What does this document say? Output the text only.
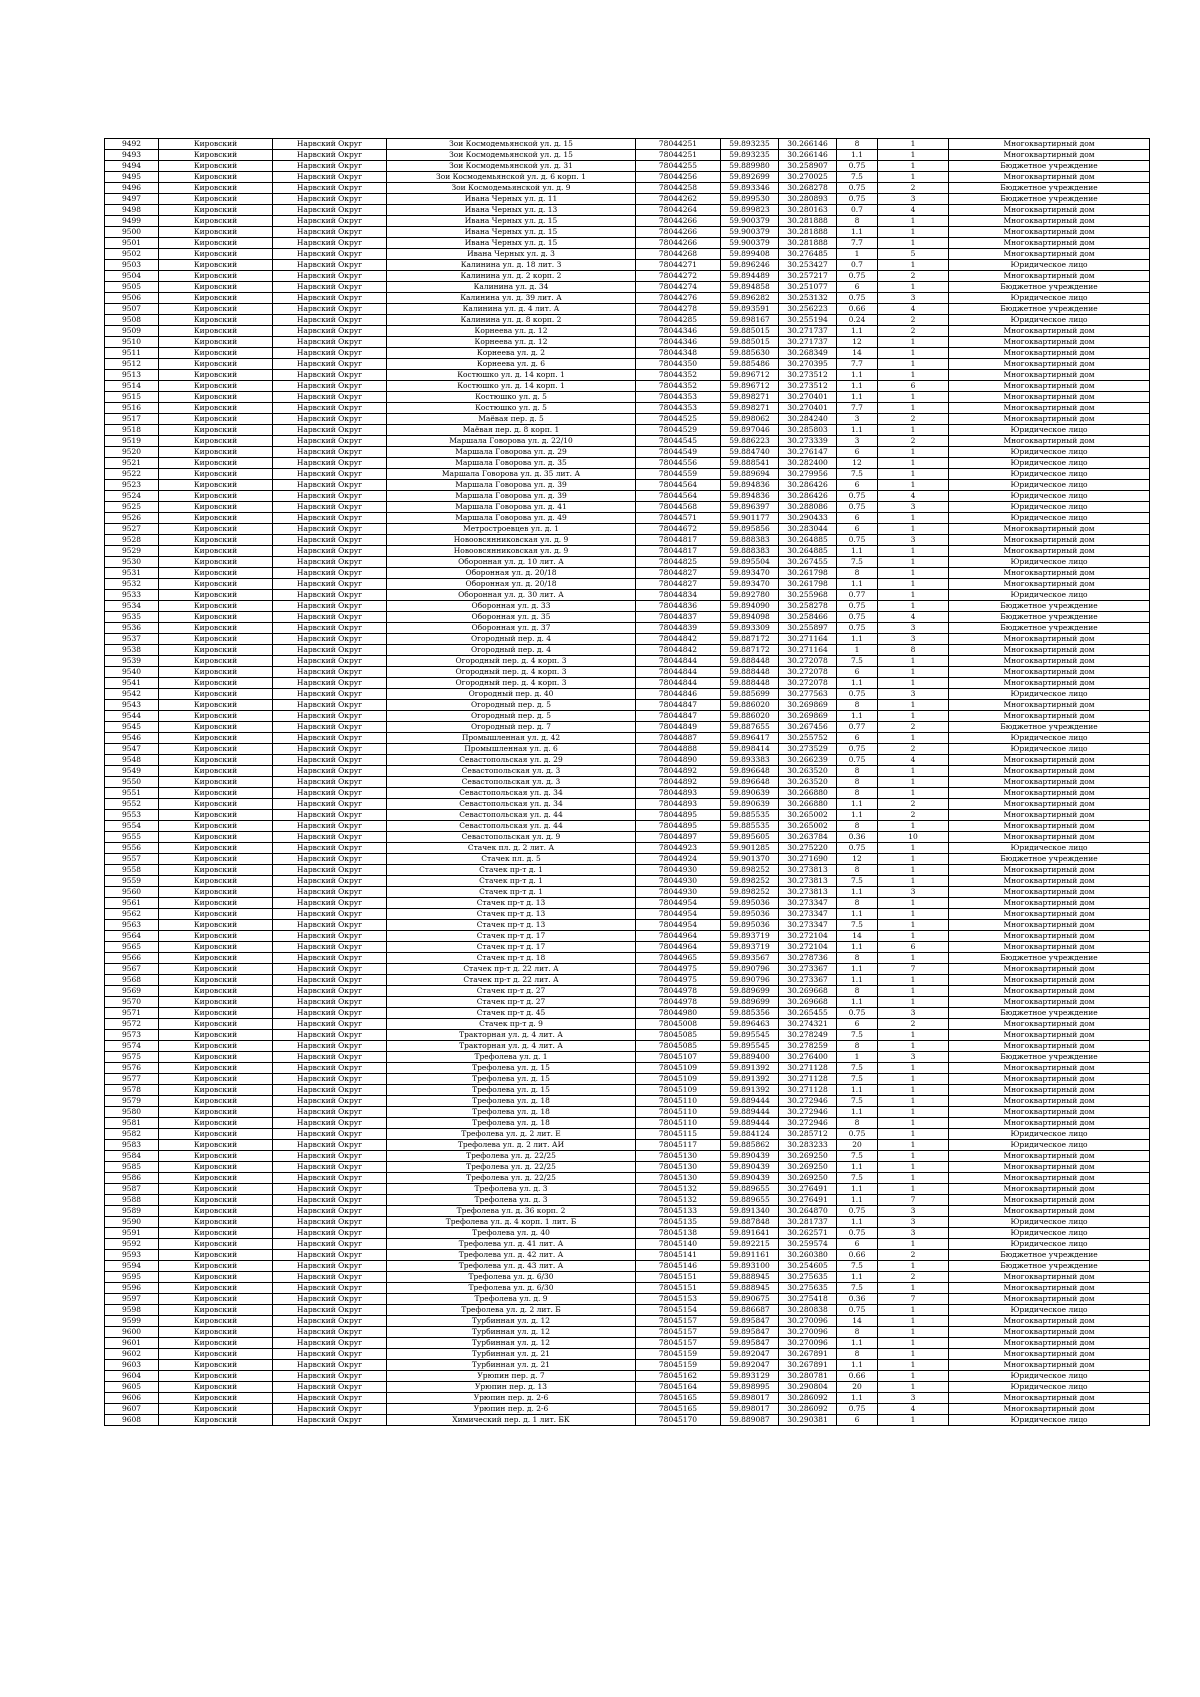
9492	Кировский	Нарвский Округ	Зои Космодемьянской ул. д. 15	78044251	59.893235	30.266146	8	1	Многоквартирный дом
9493	Кировский	Нарвский Округ	Зои Космодемьянской ул. д. 15	78044251	59.893235	30.266146	1.1	1	Многоквартирный дом
9494	Кировский	Нарвский Округ	Зои Космодемьянской ул. д. 31	78044255	59.889980	30.258907	0.75	1	Бюджетное учреждение
9495	Кировский	Нарвский Округ	Зои Космодемьянской ул. д. 6 корп. 1	78044256	59.892699	30.270025	7.5	1	Многоквартирный дом
9496	Кировский	Нарвский Округ	Зои Космодемьянской ул. д. 9	78044258	59.893346	30.268278	0.75	2	Бюджетное учреждение
9497	Кировский	Нарвский Округ	Ивана Черных ул. д. 11	78044262	59.899530	30.280893	0.75	3	Бюджетное учреждение
9498	Кировский	Нарвский Округ	Ивана Черных ул. д. 13	78044264	59.899823	30.280163	0.7	4	Многоквартирный дом
9499	Кировский	Нарвский Округ	Ивана Черных ул. д. 15	78044266	59.900379	30.281888	8	1	Многоквартирный дом
9500	Кировский	Нарвский Округ	Ивана Черных ул. д. 15	78044266	59.900379	30.281888	1.1	1	Многоквартирный дом
9501	Кировский	Нарвский Округ	Ивана Черных ул. д. 15	78044266	59.900379	30.281888	7.7	1	Многоквартирный дом
9502	Кировский	Нарвский Округ	Ивана Черных ул. д. 3	78044268	59.899408	30.276485	1	5	Многоквартирный дом
9503	Кировский	Нарвский Округ	Калинина ул. д. 18 лит. З	78044271	59.896246	30.253427	0.7	1	Юридическое лицо
9504	Кировский	Нарвский Округ	Калинина ул. д. 2 корп. 2	78044272	59.894489	30.257217	0.75	2	Многоквартирный дом
9505	Кировский	Нарвский Округ	Калинина ул. д. 34	78044274	59.894858	30.251077	6	1	Бюджетное учреждение
9506	Кировский	Нарвский Округ	Калинина ул. д. 39 лит. А	78044276	59.896282	30.253132	0.75	3	Юридическое лицо
9507	Кировский	Нарвский Округ	Калинина ул. д. 4 лит. А	78044278	59.893591	30.256223	0.66	4	Бюджетное учреждение
9508	Кировский	Нарвский Округ	Калинина ул. д. 8 корп. 2	78044285	59.898167	30.255194	0.24	2	Юридическое лицо
9509	Кировский	Нарвский Округ	Корнеева ул. д. 12	78044346	59.885015	30.271737	1.1	2	Многоквартирный дом
9510	Кировский	Нарвский Округ	Корнеева ул. д. 12	78044346	59.885015	30.271737	12	1	Многоквартирный дом
9511	Кировский	Нарвский Округ	Корнеева ул. д. 2	78044348	59.885630	30.268349	14	1	Многоквартирный дом
9512	Кировский	Нарвский Округ	Корнеева ул. д. 6	78044350	59.885486	30.270395	7.7	1	Многоквартирный дом
9513	Кировский	Нарвский Округ	Костюшко ул. д. 14 корп. 1	78044352	59.896712	30.273512	1.1	1	Многоквартирный дом
9514	Кировский	Нарвский Округ	Костюшко ул. д. 14 корп. 1	78044352	59.896712	30.273512	1.1	6	Многоквартирный дом
9515	Кировский	Нарвский Округ	Костюшко ул. д. 5	78044353	59.898271	30.270401	1.1	1	Многоквартирный дом
9516	Кировский	Нарвский Округ	Костюшко ул. д. 5	78044353	59.898271	30.270401	7.7	1	Многоквартирный дом
9517	Кировский	Нарвский Округ	Маёвая пер. д. 5	78044525	59.898062	30.284240	3	2	Многоквартирный дом
9518	Кировский	Нарвский Округ	Маёвая пер. д. 8 корп. 1	78044529	59.897046	30.285803	1.1	1	Юридическое лицо
9519	Кировский	Нарвский Округ	Маршала Говорова ул. д. 22/10	78044545	59.886223	30.273339	3	2	Многоквартирный дом
9520	Кировский	Нарвский Округ	Маршала Говорова ул. д. 29	78044549	59.884740	30.276147	6	1	Юридическое лицо
9521	Кировский	Нарвский Округ	Маршала Говорова ул. д. 35	78044556	59.888541	30.282400	12	1	Юридическое лицо
9522	Кировский	Нарвский Округ	Маршала Говорова ул. д. 35 лит. А	78044559	59.889694	30.279956	7.5	1	Юридическое лицо
9523	Кировский	Нарвский Округ	Маршала Говорова ул. д. 39	78044564	59.894836	30.286426	6	1	Юридическое лицо
9524	Кировский	Нарвский Округ	Маршала Говорова ул. д. 39	78044564	59.894836	30.286426	0.75	4	Юридическое лицо
9525	Кировский	Нарвский Округ	Маршала Говорова ул. д. 41	78044568	59.896397	30.288086	0.75	3	Юридическое лицо
9526	Кировский	Нарвский Округ	Маршала Говорова ул. д. 49	78044571	59.901177	30.290433	6	1	Юридическое лицо
9527	Кировский	Нарвский Округ	Метростроевцев ул. д. 1	78044672	59.895856	30.283044	6	1	Многоквартирный дом
9528	Кировский	Нарвский Округ	Новоовсянниковская ул. д. 9	78044817	59.888383	30.264885	0.75	3	Многоквартирный дом
9529	Кировский	Нарвский Округ	Новоовсянниковская ул. д. 9	78044817	59.888383	30.264885	1.1	1	Многоквартирный дом
9530	Кировский	Нарвский Округ	Оборонная ул. д. 10 лит. А	78044825	59.895504	30.267455	7.5	1	Юридическое лицо
9531	Кировский	Нарвский Округ	Оборонная ул. д. 20/18	78044827	59.893470	30.261798	8	1	Многоквартирный дом
9532	Кировский	Нарвский Округ	Оборонная ул. д. 20/18	78044827	59.893470	30.261798	1.1	1	Многоквартирный дом
9533	Кировский	Нарвский Округ	Оборонная ул. д. 30 лит. А	78044834	59.892780	30.255968	0.77	1	Юридическое лицо
9534	Кировский	Нарвский Округ	Оборонная ул. д. 33	78044836	59.894090	30.258278	0.75	1	Бюджетное учреждение
9535	Кировский	Нарвский Округ	Оборонная ул. д. 35	78044837	59.894098	30.258466	0.75	4	Бюджетное учреждение
9536	Кировский	Нарвский Округ	Оборонная ул. д. 37	78044839	59.893309	30.255897	0.75	3	Бюджетное учреждение
9537	Кировский	Нарвский Округ	Огородный пер. д. 4	78044842	59.887172	30.271164	1.1	3	Многоквартирный дом
9538	Кировский	Нарвский Округ	Огородный пер. д. 4	78044842	59.887172	30.271164	1	8	Многоквартирный дом
9539	Кировский	Нарвский Округ	Огородный пер. д. 4 корп. 3	78044844	59.888448	30.272078	7.5	1	Многоквартирный дом
9540	Кировский	Нарвский Округ	Огородный пер. д. 4 корп. 3	78044844	59.888448	30.272078	6	1	Многоквартирный дом
9541	Кировский	Нарвский Округ	Огородный пер. д. 4 корп. 3	78044844	59.888448	30.272078	1.1	1	Многоквартирный дом
9542	Кировский	Нарвский Округ	Огородный пер. д. 40	78044846	59.885699	30.277563	0.75	3	Юридическое лицо
9543	Кировский	Нарвский Округ	Огородный пер. д. 5	78044847	59.886020	30.269869	8	1	Многоквартирный дом
9544	Кировский	Нарвский Округ	Огородный пер. д. 5	78044847	59.886020	30.269869	1.1	1	Многоквартирный дом
9545	Кировский	Нарвский Округ	Огородный пер. д. 7	78044849	59.887655	30.267456	0.77	2	Бюджетное учреждение
9546	Кировский	Нарвский Округ	Промышленная ул. д. 42	78044887	59.896417	30.255752	6	1	Юридическое лицо
9547	Кировский	Нарвский Округ	Промышленная ул. д. 6	78044888	59.898414	30.273529	0.75	2	Юридическое лицо
9548	Кировский	Нарвский Округ	Севастопольская ул. д. 29	78044890	59.893383	30.266239	0.75	4	Многоквартирный дом
9549	Кировский	Нарвский Округ	Севастопольская ул. д. 3	78044892	59.896648	30.263520	8	1	Многоквартирный дом
9550	Кировский	Нарвский Округ	Севастопольская ул. д. 3	78044892	59.896648	30.263520	8	1	Многоквартирный дом
9551	Кировский	Нарвский Округ	Севастопольская ул. д. 34	78044893	59.890639	30.266880	8	1	Многоквартирный дом
9552	Кировский	Нарвский Округ	Севастопольская ул. д. 34	78044893	59.890639	30.266880	1.1	2	Многоквартирный дом
9553	Кировский	Нарвский Округ	Севастопольская ул. д. 44	78044895	59.885535	30.265002	1.1	2	Многоквартирный дом
9554	Кировский	Нарвский Округ	Севастопольская ул. д. 44	78044895	59.885535	30.265002	8	1	Многоквартирный дом
9555	Кировский	Нарвский Округ	Севастопольская ул. д. 9	78044897	59.895605	30.263784	0.36	10	Многоквартирный дом
9556	Кировский	Нарвский Округ	Стачек пл. д. 2 лит. А	78044923	59.901285	30.275220	0.75	1	Юридическое лицо
9557	Кировский	Нарвский Округ	Стачек пл. д. 5	78044924	59.901370	30.271690	12	1	Бюджетное учреждение
9558	Кировский	Нарвский Округ	Стачек пр-т д. 1	78044930	59.898252	30.273813	8	1	Многоквартирный дом
9559	Кировский	Нарвский Округ	Стачек пр-т д. 1	78044930	59.898252	30.273813	7.5	1	Многоквартирный дом
9560	Кировский	Нарвский Округ	Стачек пр-т д. 1	78044930	59.898252	30.273813	1.1	3	Многоквартирный дом
9561	Кировский	Нарвский Округ	Стачек пр-т д. 13	78044954	59.895036	30.273347	8	1	Многоквартирный дом
9562	Кировский	Нарвский Округ	Стачек пр-т д. 13	78044954	59.895036	30.273347	1.1	1	Многоквартирный дом
9563	Кировский	Нарвский Округ	Стачек пр-т д. 13	78044954	59.895036	30.273347	7.5	1	Многоквартирный дом
9564	Кировский	Нарвский Округ	Стачек пр-т д. 17	78044964	59.893719	30.272104	14	1	Многоквартирный дом
9565	Кировский	Нарвский Округ	Стачек пр-т д. 17	78044964	59.893719	30.272104	1.1	6	Многоквартирный дом
9566	Кировский	Нарвский Округ	Стачек пр-т д. 18	78044965	59.893567	30.278736	8	1	Бюджетное учреждение
9567	Кировский	Нарвский Округ	Стачек пр-т д. 22 лит. А	78044975	59.890796	30.273367	1.1	7	Многоквартирный дом
9568	Кировский	Нарвский Округ	Стачек пр-т д. 22 лит. А	78044975	59.890796	30.273367	1.1	1	Многоквартирный дом
9569	Кировский	Нарвский Округ	Стачек пр-т д. 27	78044978	59.889699	30.269668	8	1	Многоквартирный дом
9570	Кировский	Нарвский Округ	Стачек пр-т д. 27	78044978	59.889699	30.269668	1.1	1	Многоквартирный дом
9571	Кировский	Нарвский Округ	Стачек пр-т д. 45	78044980	59.885356	30.265455	0.75	3	Бюджетное учреждение
9572	Кировский	Нарвский Округ	Стачек пр-т д. 9	78045008	59.896463	30.274321	6	2	Многоквартирный дом
9573	Кировский	Нарвский Округ	Тракторная ул. д. 4 лит. А	78045085	59.895545	30.278249	7.5	1	Многоквартирный дом
9574	Кировский	Нарвский Округ	Тракторная ул. д. 4 лит. А	78045085	59.895545	30.278259	8	1	Многоквартирный дом
9575	Кировский	Нарвский Округ	Трефолева ул. д. 1	78045107	59.889400	30.276400	1	3	Бюджетное учреждение
9576	Кировский	Нарвский Округ	Трефолева ул. д. 15	78045109	59.891392	30.271128	7.5	1	Многоквартирный дом
9577	Кировский	Нарвский Округ	Трефолева ул. д. 15	78045109	59.891392	30.271128	7.5	1	Многоквартирный дом
9578	Кировский	Нарвский Округ	Трефолева ул. д. 15	78045109	59.891392	30.271128	1.1	1	Многоквартирный дом
9579	Кировский	Нарвский Округ	Трефолева ул. д. 18	78045110	59.889444	30.272946	7.5	1	Многоквартирный дом
9580	Кировский	Нарвский Округ	Трефолева ул. д. 18	78045110	59.889444	30.272946	1.1	1	Многоквартирный дом
9581	Кировский	Нарвский Округ	Трефолева ул. д. 18	78045110	59.889444	30.272946	8	1	Многоквартирный дом
9582	Кировский	Нарвский Округ	Трефолева ул. д. 2 лит. Е	78045115	59.884124	30.285712	0.75	1	Юридическое лицо
9583	Кировский	Нарвский Округ	Трефолева ул. д. 2 лит. АИ	78045117	59.885862	30.283233	20	1	Юридическое лицо
9584	Кировский	Нарвский Округ	Трефолева ул. д. 22/25	78045130	59.890439	30.269250	7.5	1	Многоквартирный дом
9585	Кировский	Нарвский Округ	Трефолева ул. д. 22/25	78045130	59.890439	30.269250	1.1	1	Многоквартирный дом
9586	Кировский	Нарвский Округ	Трефолева ул. д. 22/25	78045130	59.890439	30.269250	7.5	1	Многоквартирный дом
9587	Кировский	Нарвский Округ	Трефолева ул. д. 3	78045132	59.889655	30.276491	1.1	1	Многоквартирный дом
9588	Кировский	Нарвский Округ	Трефолева ул. д. 3	78045132	59.889655	30.276491	1.1	7	Многоквартирный дом
9589	Кировский	Нарвский Округ	Трефолева ул. д. 36 корп. 2	78045133	59.891340	30.264870	0.75	3	Многоквартирный дом
9590	Кировский	Нарвский Округ	Трефолева ул. д. 4 корп. 1 лит. Б	78045135	59.887848	30.281737	1.1	3	Юридическое лицо
9591	Кировский	Нарвский Округ	Трефолева ул. д. 40	78045138	59.891641	30.262571	0.75	3	Юридическое лицо
9592	Кировский	Нарвский Округ	Трефолева ул. д. 41 лит. А	78045140	59.892215	30.259574	6	1	Юридическое лицо
9593	Кировский	Нарвский Округ	Трефолева ул. д. 42 лит. А	78045141	59.891161	30.260380	0.66	2	Бюджетное учреждение
9594	Кировский	Нарвский Округ	Трефолева ул. д. 43 лит. А	78045146	59.893100	30.254605	7.5	1	Бюджетное учреждение
9595	Кировский	Нарвский Округ	Трефолева ул. д. 6/30	78045151	59.888945	30.275635	1.1	2	Многоквартирный дом
9596	Кировский	Нарвский Округ	Трефолева ул. д. 6/30	78045151	59.888945	30.275635	7.5	1	Многоквартирный дом
9597	Кировский	Нарвский Округ	Трефолева ул. д. 9	78045153	59.890675	30.275418	0.36	7	Многоквартирный дом
9598	Кировский	Нарвский Округ	Трефолева ул. д. 2 лит. Б	78045154	59.886687	30.280838	0.75	1	Юридическое лицо
9599	Кировский	Нарвский Округ	Турбинная ул. д. 12	78045157	59.895847	30.270096	14	1	Многоквартирный дом
9600	Кировский	Нарвский Округ	Турбинная ул. д. 12	78045157	59.895847	30.270096	8	1	Многоквартирный дом
9601	Кировский	Нарвский Округ	Турбинная ул. д. 12	78045157	59.895847	30.270096	1.1	1	Многоквартирный дом
9602	Кировский	Нарвский Округ	Турбинная ул. д. 21	78045159	59.892047	30.267891	8	1	Многоквартирный дом
9603	Кировский	Нарвский Округ	Турбинная ул. д. 21	78045159	59.892047	30.267891	1.1	1	Многоквартирный дом
9604	Кировский	Нарвский Округ	Урюпин пер. д. 7	78045162	59.893129	30.280781	0.66	1	Юридическое лицо
9605	Кировский	Нарвский Округ	Урюпин пер. д. 13	78045164	59.898995	30.290804	20	1	Юридическое лицо
9606	Кировский	Нарвский Округ	Урюпин пер. д. 2-6	78045165	59.898017	30.286092	1.1	3	Многоквартирный дом
9607	Кировский	Нарвский Округ	Урюпин пер. д. 2-6	78045165	59.898017	30.286092	0.75	4	Многоквартирный дом
9608	Кировский	Нарвский Округ	Химический пер. д. 1 лит. БК	78045170	59.889087	30.290381	6	1	Юридическое лицо
